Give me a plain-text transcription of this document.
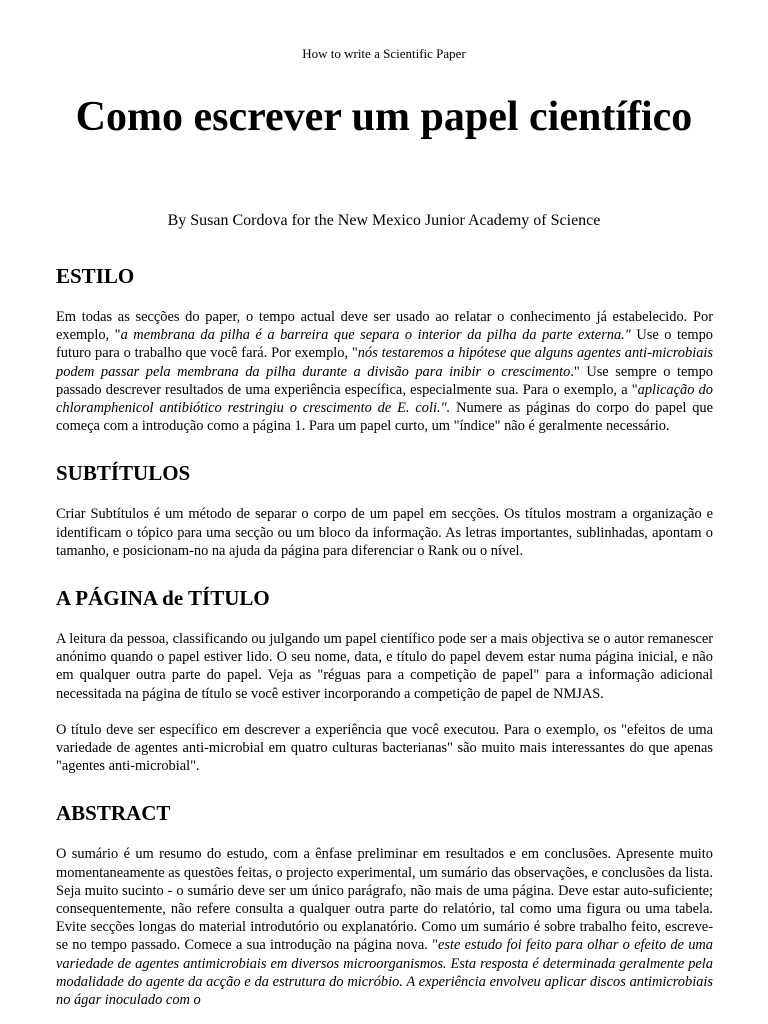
How to write a Scientific Paper
Como escrever um papel científico
By Susan Cordova for the New Mexico Junior Academy of Science
ESTILO

Em todas as secções do paper, o tempo actual deve ser usado ao relatar o conhecimento já estabelecido. Por exemplo, "a membrana da pilha é a barreira que separa o interior da pilha da parte externa." Use o tempo futuro para o trabalho que você fará. Por exemplo, "nós testaremos a hipótese que alguns agentes anti-microbiais podem passar pela membrana da pilha durante a divisão para inibir o crescimento." Use sempre o tempo passado descrever resultados de uma experiência específica, especialmente sua. Para o exemplo, a "aplicação do chloramphenicol antibiótico restringiu o crescimento de E. coli.". Numere as páginas do corpo do papel que começa com a introdução como a página 1. Para um papel curto, um "índice" não é geralmente necessário.

SUBTÍTULOS

Criar Subtítulos é um método de separar o corpo de um papel em secções. Os títulos mostram a organização e identificam o tópico para uma secção ou um bloco da informação. As letras importantes, sublinhadas, apontam o tamanho, e posicionam-no na ajuda da página para diferenciar o Rank ou o nível.

A PÁGINA de TÍTULO

A leitura da pessoa, classificando ou julgando um papel científico pode ser a mais objectiva se o autor remanescer anónimo quando o papel estiver lido. O seu nome, data, e título do papel devem estar numa página inicial, e não em qualquer outra parte do papel. Veja as "réguas para a competição de papel" para a informação adicional necessitada na página de título se você estiver incorporando a competição de papel de NMJAS.

O título deve ser específico em descrever a experiência que você executou. Para o exemplo, os "efeitos de uma variedade de agentes anti-microbial em quatro culturas bacterianas" são muito mais interessantes do que apenas "agentes anti-microbial".

ABSTRACT

O sumário é um resumo do estudo, com a ênfase preliminar em resultados e em conclusões. Apresente muito momentaneamente as questões feitas, o projecto experimental, um sumário das observações, e conclusões da lista. Seja muito sucinto - o sumário deve ser um único parágrafo, não mais de uma página. Deve estar auto-suficiente; consequentemente, não refere consulta a qualquer outra parte do relatório, tal como uma figura ou uma tabela. Evite secções longas do material introdutório ou explanatório. Como um sumário é sobre trabalho feito, escreve-se no tempo passado. Comece a sua introdução na página nova. "este estudo foi feito para olhar o efeito de uma variedade de agentes antimicrobiais em diversos microorganismos. Esta resposta é determinada geralmente pela modalidade do agente da acção e da estrutura do micróbio. A experiência envolveu aplicar discos antimicrobiais no ágar inoculado com o
